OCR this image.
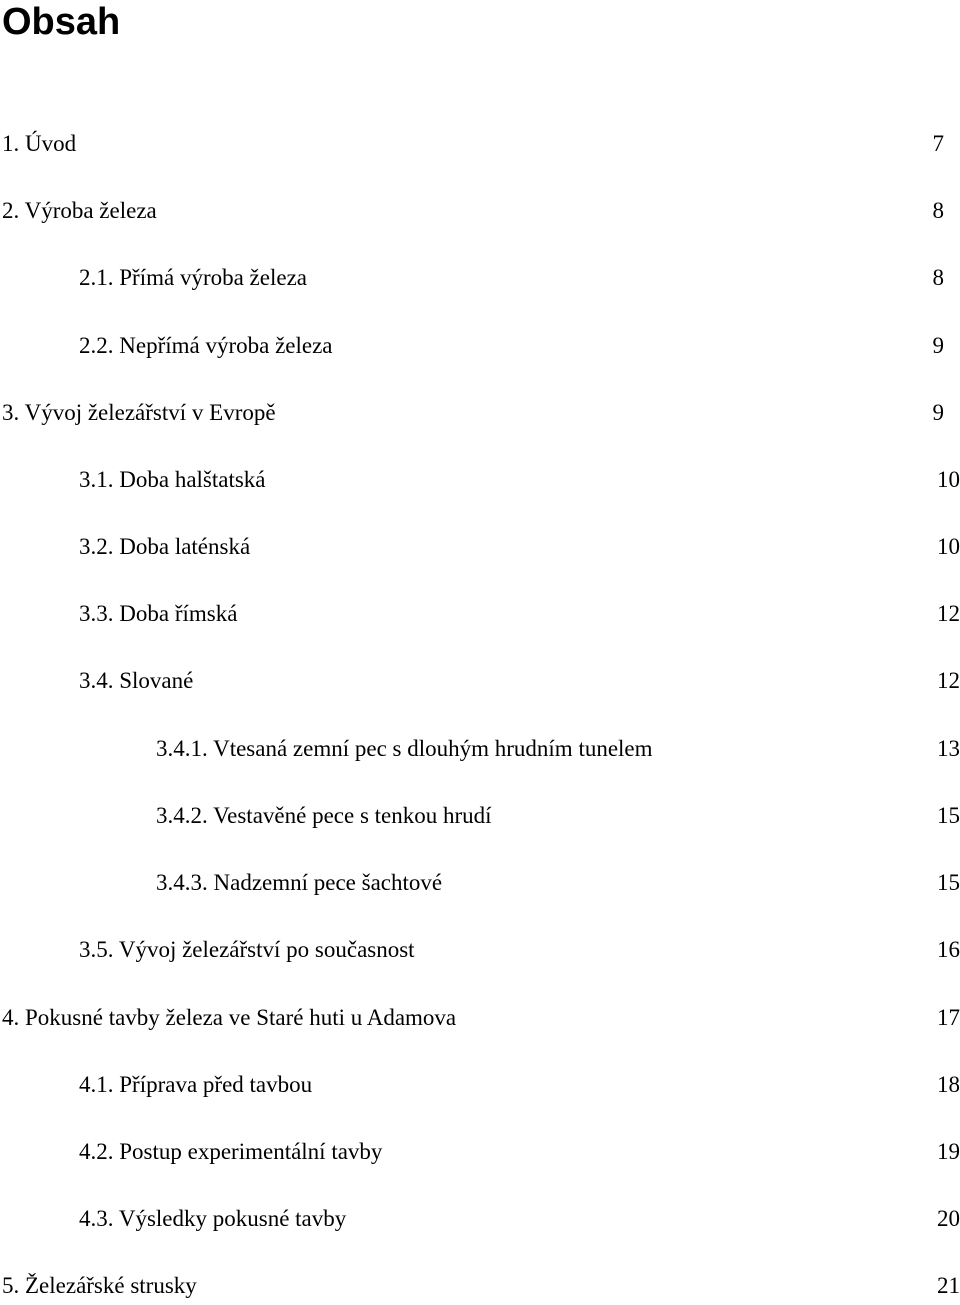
Obsah
1. Úvod	7
2. Výroba železa	8
2.1. Přímá výroba železa	8
2.2. Nepřímá výroba železa	9
3. Vývoj železářství v Evropě	9
3.1. Doba halštatská	10
3.2. Doba laténská	10
3.3. Doba římská	12
3.4. Slované	12
3.4.1. Vtesaná zemní pec s dlouhým hrudním tunelem	13
3.4.2. Vestavěné pece s tenkou hrudí	15
3.4.3. Nadzemní pece šachtové	15
3.5. Vývoj železářství po současnost	16
4. Pokusné tavby železa ve Staré huti u Adamova	17
4.1. Příprava před tavbou	18
4.2. Postup experimentální tavby	19
4.3. Výsledky pokusné tavby	20
5. Železářské strusky	21
